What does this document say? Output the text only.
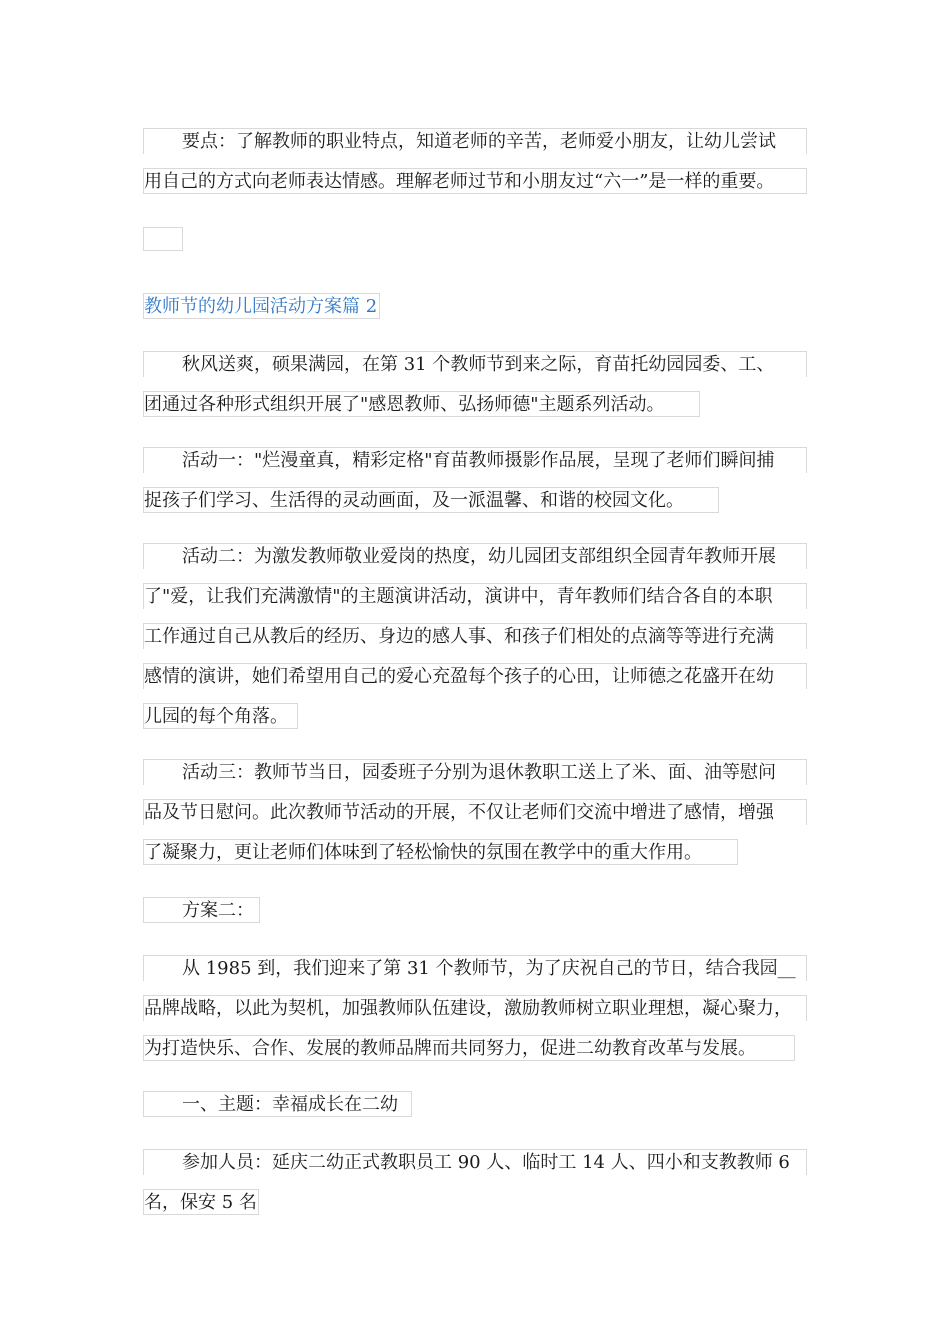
要点：了解教师的职业特点，知道老师的辛苦，老师爱小朋友，让幼儿尝试
用自己的方式向老师表达情感。理解老师过节和小朋友过“六一”是一样的重要。
教师节的幼儿园活动方案篇 2
秋风送爽，硕果满园，在第 31 个教师节到来之际，育苗托幼园园委、工、
团通过各种形式组织开展了"感恩教师、弘扬师德"主题系列活动。
活动一："烂漫童真，精彩定格"育苗教师摄影作品展，呈现了老师们瞬间捕
捉孩子们学习、生活得的灵动画面，及一派温馨、和谐的校园文化。
活动二：为激发教师敬业爱岗的热度，幼儿园团支部组织全园青年教师开展
了"爱，让我们充满激情"的主题演讲活动，演讲中，青年教师们结合各自的本职
工作通过自己从教后的经历、身边的感人事、和孩子们相处的点滴等等进行充满
感情的演讲，她们希望用自己的爱心充盈每个孩子的心田，让师德之花盛开在幼
儿园的每个角落。
活动三：教师节当日，园委班子分别为退休教职工送上了米、面、油等慰问
品及节日慰问。此次教师节活动的开展，不仅让老师们交流中增进了感情，增强
了凝聚力，更让老师们体味到了轻松愉快的氛围在教学中的重大作用。
方案二：
从 1985 到，我们迎来了第 31 个教师节，为了庆祝自己的节日，结合我园__
品牌战略，以此为契机，加强教师队伍建设，激励教师树立职业理想，凝心聚力，
为打造快乐、合作、发展的教师品牌而共同努力，促进二幼教育改革与发展。
一、主题：幸福成长在二幼
参加人员：延庆二幼正式教职员工 90 人、临时工 14 人、四小和支教教师 6
名，保安 5 名
